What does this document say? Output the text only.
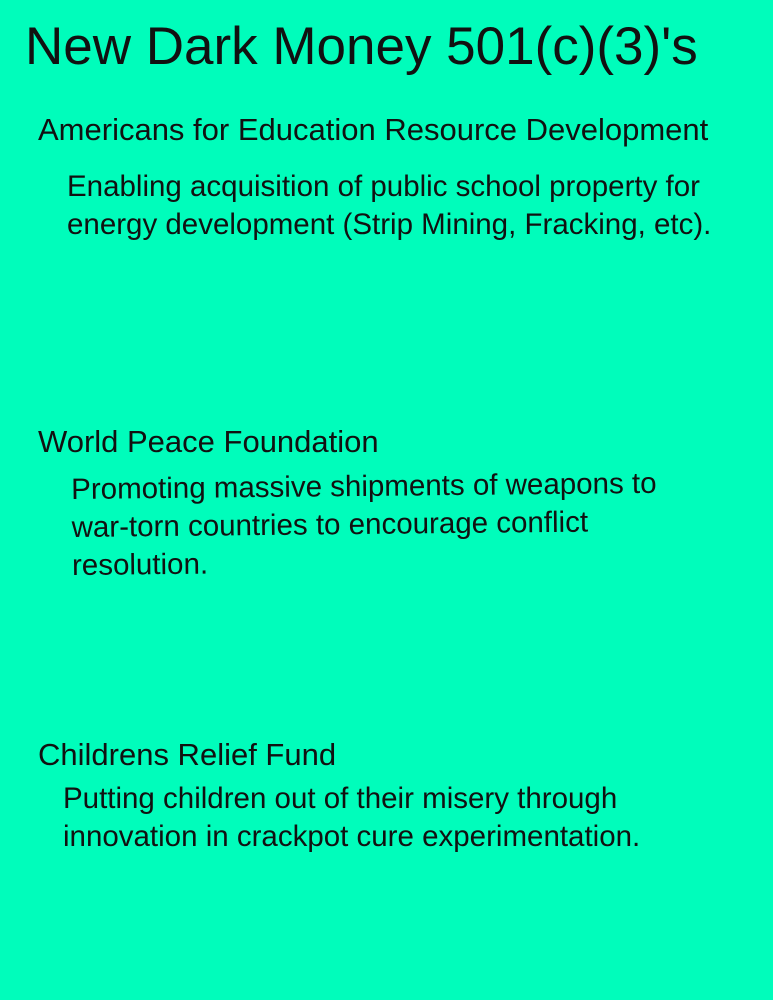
New Dark Money 501(c)(3)'s
Americans for Education Resource Development

Enabling acquisition of public school property for energy development (Strip Mining, Fracking, etc).

World Peace Foundation

Promoting massive shipments of weapons to war-torn countries to encourage conflict resolution.

Childrens Relief Fund

Putting children out of their misery through innovation in crackpot cure experimentation.
